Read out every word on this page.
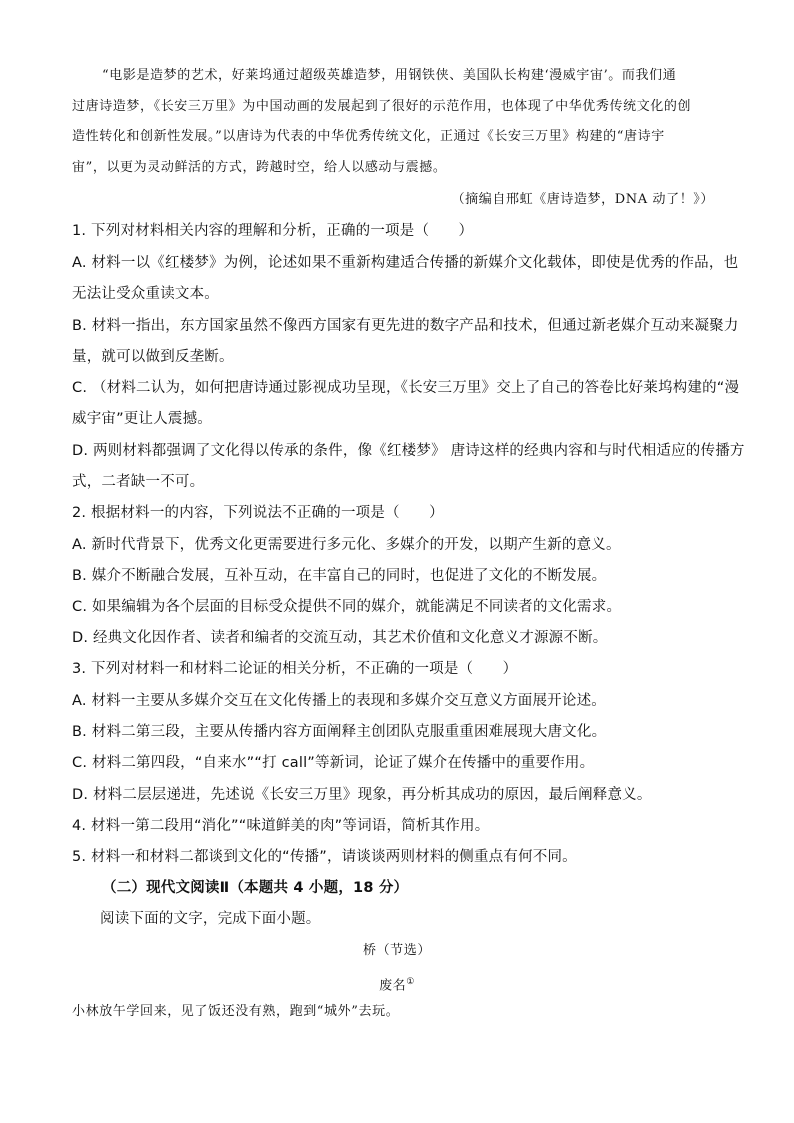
“电影是造梦的艺术，好莱坞通过超级英雄造梦，用钢铁侠、美国队长构建‘漫威宇宙’。而我们通
过唐诗造梦，《长安三万里》为中国动画的发展起到了很好的示范作用，也体现了中华优秀传统文化的创
造性转化和创新性发展。”以唐诗为代表的中华优秀传统文化，正通过《长安三万里》构建的“唐诗宇
宙”，以更为灵动鲜活的方式，跨越时空，给人以感动与震撼。
（摘编自邢虹《唐诗造梦，DNA 动了！》）
1. 下列对材料相关内容的理解和分析，正确的一项是（　　）
A. 材料一以《红楼梦》为例，论述如果不重新构建适合传播的新媒介文化载体，即使是优秀的作品，也
无法让受众重读文本。
B. 材料一指出，东方国家虽然不像西方国家有更先进的数字产品和技术，但通过新老媒介互动来凝聚力
量，就可以做到反垄断。
C. （材料二认为，如何把唐诗通过影视成功呈现，《长安三万里》交上了自己的答卷比好莱坞构建的“漫
威宇宙”更让人震撼。
D. 两则材料都强调了文化得以传承的条件，像《红楼梦》 唐诗这样的经典内容和与时代相适应的传播方
式，二者缺一不可。
2. 根据材料一的内容，下列说法不正确的一项是（　　）
A. 新时代背景下，优秀文化更需要进行多元化、多媒介的开发，以期产生新的意义。
B. 媒介不断融合发展，互补互动，在丰富自己的同时，也促进了文化的不断发展。
C. 如果编辑为各个层面的目标受众提供不同的媒介，就能满足不同读者的文化需求。
D. 经典文化因作者、读者和编者的交流互动，其艺术价值和文化意义才源源不断。
3. 下列对材料一和材料二论证的相关分析，不正确的一项是（　　）
A. 材料一主要从多媒介交互在文化传播上的表现和多媒介交互意义方面展开论述。
B. 材料二第三段，主要从传播内容方面阐释主创团队克服重重困难展现大唐文化。
C. 材料二第四段，“自来水”“打 call”等新词，论证了媒介在传播中的重要作用。
D. 材料二层层递进，先述说《长安三万里》现象，再分析其成功的原因，最后阐释意义。
4. 材料一第二段用“消化”“味道鲜美的肉”等词语，简析其作用。
5. 材料一和材料二都谈到文化的“传播”，请谈谈两则材料的侧重点有何不同。
（二）现代文阅读Ⅱ（本题共 4 小题，18 分）
阅读下面的文字，完成下面小题。
桥（节选）
废名①
小林放午学回来，见了饭还没有熟，跑到“城外”去玩。
